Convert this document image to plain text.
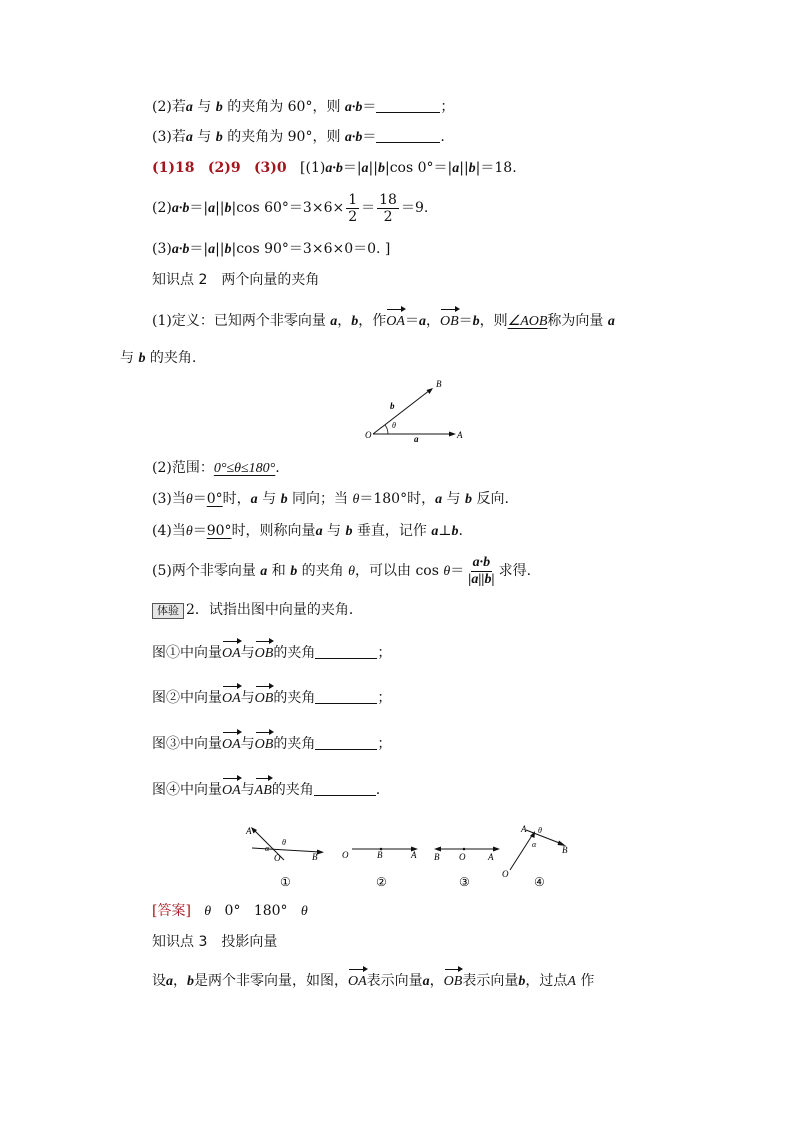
(2)若a 与 b 的夹角为 60°，则 a·b＝	；
(3)若a 与 b 的夹角为 90°，则 a·b＝	.
(1)18 (2)9 (3)0 [(1)a·b＝|a||b|cos 0°＝|a||b|＝18.
(2)a·b＝|a||b|cos $60^\circ=3\times 6\times \frac{1}{2} = \frac{18}{2} =9$.
(3)a·b＝|a||b|cos 90°＝3×6×0＝0. ]
知识点 2　两个向量的夹角
(1)定义：已知两个非零向量 a，b，作OA＝a，OB＝b，则∠AOB称为向量 a
与 b 的夹角.
O	A
B
b
a
θ
(2)范围：0°≤θ≤180°.
(3)当θ＝0°时，a 与 b 同向；当 θ＝180°时，a 与 b 反向.
(4)当θ＝90°时，则称向量a 与 b 垂直，记作 a⊥b.
(5)两个非零向量 a 和 b 的夹角 θ，可以由 $\cos \theta= \frac{a\cdot b}{|a||b|}$ 求得.
体验 2．试指出图中向量的夹角．
图①中向量OA与OB的夹角	；
图②中向量OA与OB的夹角	；
图③中向量OA与OB的夹角	；
图④中向量OA与AB的夹角	.
A
B
O
α
θ
①
O	B	A
②
B O	A
③
A
B
O
α
θ
④
[答案] θ 0° 180° θ
知识点 3　投影向量
设a，b是两个非零向量，如图，OA表示向量a，OB表示向量b，过点A 作
